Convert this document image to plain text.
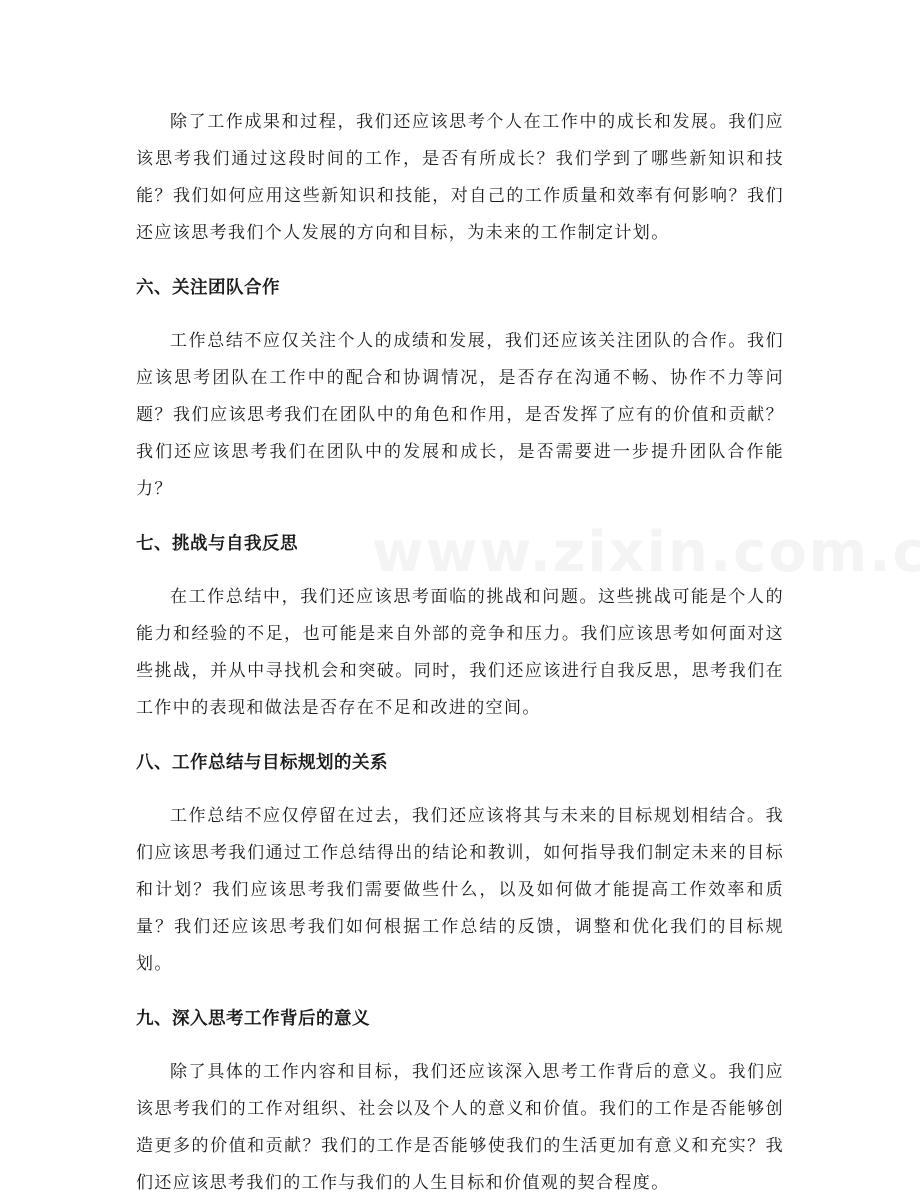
除了工作成果和过程，我们还应该思考个人在工作中的成长和发展。我们应该思考我们通过这段时间的工作，是否有所成长？我们学到了哪些新知识和技能？我们如何应用这些新知识和技能，对自己的工作质量和效率有何影响？我们还应该思考我们个人发展的方向和目标，为未来的工作制定计划。

六、关注团队合作

工作总结不应仅关注个人的成绩和发展，我们还应该关注团队的合作。我们应该思考团队在工作中的配合和协调情况，是否存在沟通不畅、协作不力等问题？我们应该思考我们在团队中的角色和作用，是否发挥了应有的价值和贡献？我们还应该思考我们在团队中的发展和成长，是否需要进一步提升团队合作能力？

七、挑战与自我反思

在工作总结中，我们还应该思考面临的挑战和问题。这些挑战可能是个人的能力和经验的不足，也可能是来自外部的竞争和压力。我们应该思考如何面对这些挑战，并从中寻找机会和突破。同时，我们还应该进行自我反思，思考我们在工作中的表现和做法是否存在不足和改进的空间。

八、工作总结与目标规划的关系

工作总结不应仅停留在过去，我们还应该将其与未来的目标规划相结合。我们应该思考我们通过工作总结得出的结论和教训，如何指导我们制定未来的目标和计划？我们应该思考我们需要做些什么，以及如何做才能提高工作效率和质量？我们还应该思考我们如何根据工作总结的反馈，调整和优化我们的目标规划。

九、深入思考工作背后的意义

除了具体的工作内容和目标，我们还应该深入思考工作背后的意义。我们应该思考我们的工作对组织、社会以及个人的意义和价值。我们的工作是否能够创造更多的价值和贡献？我们的工作是否能够使我们的生活更加有意义和充实？我们还应该思考我们的工作与我们的人生目标和价值观的契合程度。
